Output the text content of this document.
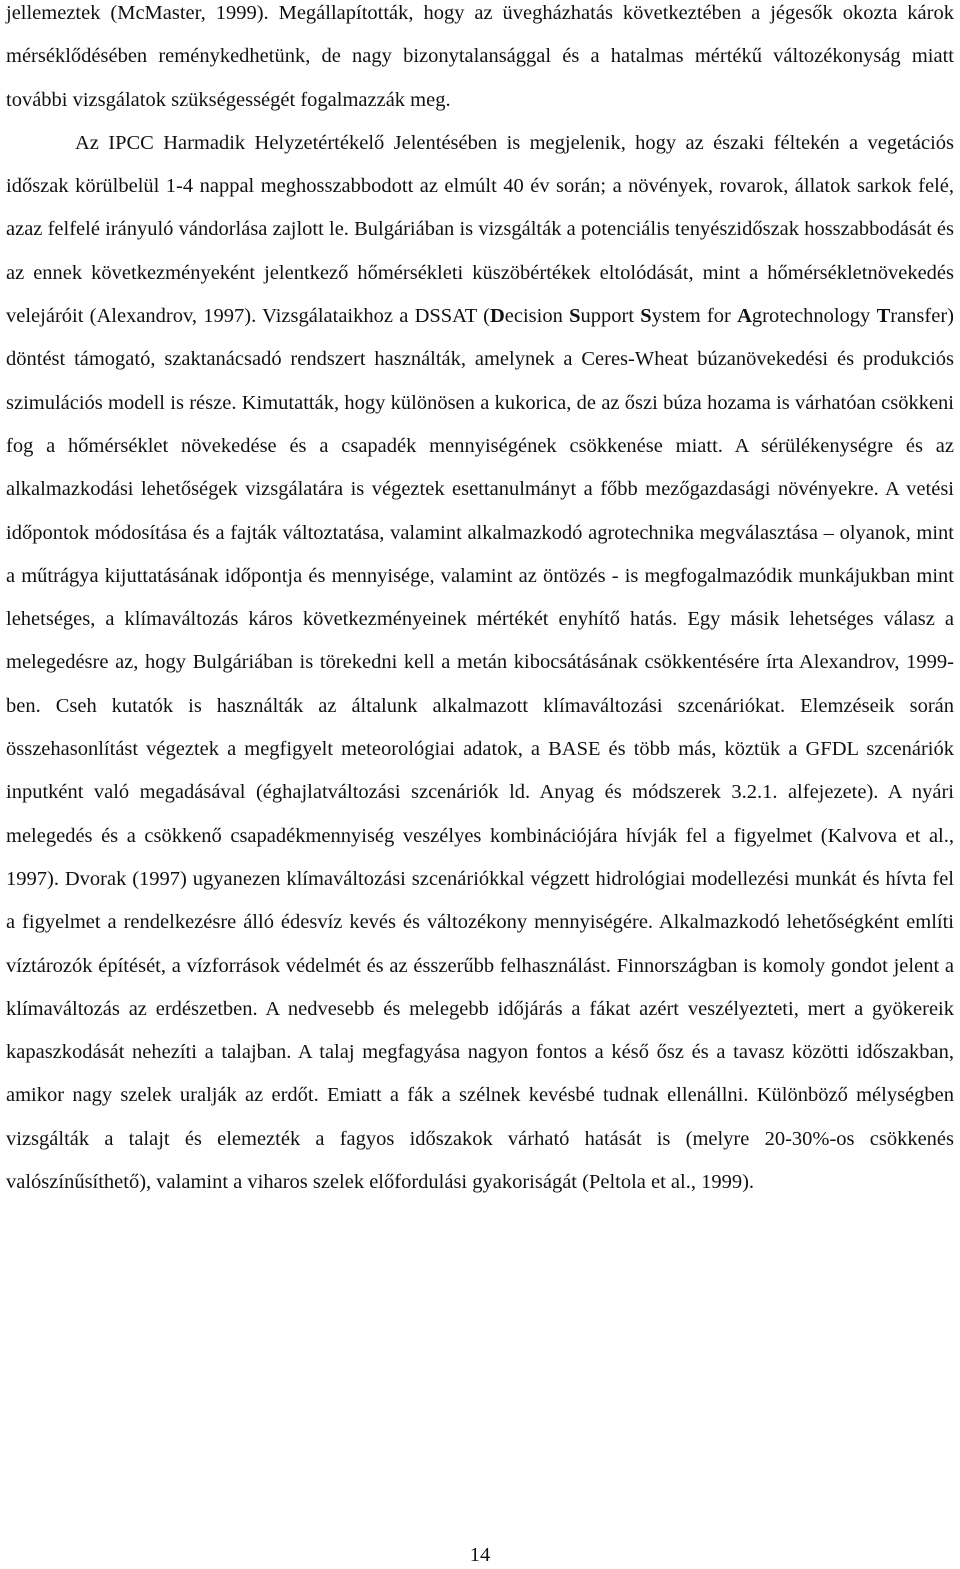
jellemeztek (McMaster, 1999). Megállapították, hogy az üvegházhatás következtében a jégesők okozta károk mérséklődésében reménykedhetünk, de nagy bizonytalansággal és a hatalmas mértékű változékonyság miatt további vizsgálatok szükségességét fogalmazzák meg.
Az IPCC Harmadik Helyzetértékelő Jelentésében is megjelenik, hogy az északi féltekén a vegetációs időszak körülbelül 1-4 nappal meghosszabbodott az elmúlt 40 év során; a növények, rovarok, állatok sarkok felé, azaz felfelé irányuló vándorlása zajlott le. Bulgáriában is vizsgálták a potenciális tenyészidőszak hosszabbodását és az ennek következményeként jelentkező hőmérsékleti küszöbértékek eltolódását, mint a hőmérsékletnövekedés velejáróit (Alexandrov, 1997). Vizsgálataikhoz a DSSAT (Decision Support System for Agrotechnology Transfer) döntést támogató, szaktanácsadó rendszert használták, amelynek a Ceres-Wheat búzanövekedési és produkciós szimulációs modell is része. Kimutatták, hogy különösen a kukorica, de az őszi búza hozama is várhatóan csökkeni fog a hőmérséklet növekedése és a csapadék mennyiségének csökkenése miatt. A sérülékenységre és az alkalmazkodási lehetőségek vizsgálatára is végeztek esettanulmányt a főbb mezőgazdasági növényekre. A vetési időpontok módosítása és a fajták változtatása, valamint alkalmazkodó agrotechnika megválasztása – olyanok, mint a műtrágya kijuttatásának időpontja és mennyisége, valamint az öntözés - is megfogalmazódik munkájukban mint lehetséges, a klímaváltozás káros következményeinek mértékét enyhítő hatás. Egy másik lehetséges válasz a melegedésre az, hogy Bulgáriában is törekedni kell a metán kibocsátásának csökkentésére írta Alexandrov, 1999-ben. Cseh kutatók is használták az általunk alkalmazott klímaváltozási szcenáriókat. Elemzéseik során összehasonlítást végeztek a megfigyelt meteorológiai adatok, a BASE és több más, köztük a GFDL szcenáriók inputként való megadásával (éghajlatváltozási szcenáriók ld. Anyag és módszerek 3.2.1. alfejezete). A nyári melegedés és a csökkenő csapadékmennyiség veszélyes kombinációjára hívják fel a figyelmet (Kalvova et al., 1997). Dvorak (1997) ugyanezen klímaváltozási szcenáriókkal végzett hidrológiai modellezési munkát és hívta fel a figyelmet a rendelkezésre álló édesvíz kevés és változékony mennyiségére. Alkalmazkodó lehetőségként említi víztározók építését, a vízforrások védelmét és az ésszerűbb felhasználást. Finnországban is komoly gondot jelent a klímaváltozás az erdészetben. A nedvesebb és melegebb időjárás a fákat azért veszélyezteti, mert a gyökereik kapaszkodását nehezíti a talajban. A talaj megfagyása nagyon fontos a késő ősz és a tavasz közötti időszakban, amikor nagy szelek uralják az erdőt. Emiatt a fák a szélnek kevésbé tudnak ellenállni. Különböző mélységben vizsgálták a talajt és elemezték a fagyos időszakok várható hatását is (melyre 20-30%-os csökkenés valószínűsíthető), valamint a viharos szelek előfordulási gyakoriságát (Peltola et al., 1999).

14
